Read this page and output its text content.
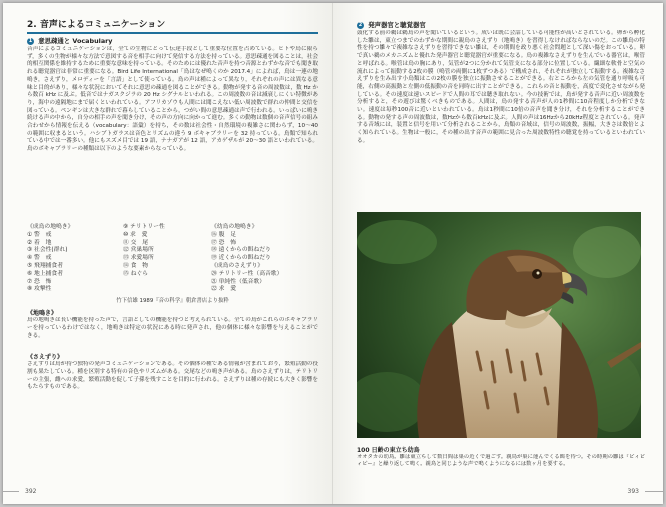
2. 音声によるコミュニケーション
1 意思疎通と Vocabulary

音声によるコミュニケーションは，全ての生物にとって伝達手段として重要な位置を占めている。ヒトや鳥に限らず，多くの生物が様々な方法で意図する音を相手に向けて発信する方法を持っている。意思疎通を図ることは，社会的相互関係を維持するために重要な意味を持っている。そのためには優れた音声を持つ音源とわずかな音でも聞き取れる聴覚器官は非常に重要になる。Bird Life International「鳥はなぜ鳴くのか 2017.4」によれば，鳥は一連の地鳴き，さえずり，メロディーを「言語」として使っている。鳥の声は種によって異なり，それぞれの声には異なる意味と目的があり，様々な状況においてそれに意思の疎通を図ることができる。動物が発する音の周波数は，数 Hz から数百 kHz に及ぶ。低音ではナガスクジラの 20 Hz シグナルといわれる。この周波数の音は減衰しにくい特徴があり，海中の遠隔地にまで届くといわれている。アフリカゾウも人間には聞こえない低い周波数で群れの仲間と交信を図っている。ペンギンは大きな群れで暮らしていることから，つがい間の意思疎通は声で行われる。いっぱいに鳴き続ける声の中から，自分の相手の声を聞き分け，その声の方向に向かって進む。多くの動物は数個の音声信号の組み合わせから情報を伝える（vocabulary：語彙）を持ち，その数は社会性・自然環境の複雑さに関わらず，10〜40 の範囲に収まるという。ハシブトガラスは音色とリズムの違う 9 ボキャブラリーを 32 持っている。鳥類で知られている中では一番多い。他にもスズメ目では 19 語，ナナガアが 12 語，アカゲザルが 20〜30 語といわれている。鳥のボキャブラリーの種類は以下のような要素からなっている。

《成鳥の地鳴き》
① 警　戒
② 着　地
③ 社会性(群れ)
④ 警　戒
⑤ 飛翔捕食者
⑥ 地上捕食者
⑦ 恐　怖
⑧ 攻撃性
⑨ テリトリー性
⑩ 求　愛
⑪ 交　尾
⑫ 営巣場所
⑬ 求愛場所
⑭ 食　物
⑮ ねぐら
《幼鳥の地鳴き》
⑯ 腹　足
⑰ 恐　怖
⑱ 遠くからの餌ねだり
⑲ 近くからの餌ねだり
《成鳥のさえずり》
⑳ テリトリー性（高音歌）
㉑ 単純性（低音歌）
㉒ 求　愛
竹下信雄 1989『音の科学』朝倉書店より抜粋
《地鳴き》

鳥の地鳴きは長い機能を持った声で，言語としての機能を持つと考えられている。全ての鳥がこれらのボキャブラリーを持っているわけではなく，地鳴きは特定の状況にある時に発声され，他の個体に様々な影響を与えることができる。

《さえずり》

さえずりは鳥が持つ独特の発声コミュニケーションである。その個体の種である情報が含まれており，繁殖活動の役割も果たしている。種を区別する特有の音色やリズムがある。交尾などの鳴き声がある。鳥のさえずりは，テリトリーの主張，雌への求愛，繁殖活動を促して子孫を残すことを目的に行われる。さえずりは種の存続にも大きく影響をもたらすものである。

392
2 発声器官と聴覚器官

鼓化する前の鵜は鵜鳥の声を聞いているという。成いは既に会話している可能性が高いとされている。卵から孵化した雛は，東立つまでのわずかな期間に親鳥のさえずり（地鳴き）を習得しなければならないのだ。この雛鳥の特性を持つ雛々で複雑なさえずりを習得できない雛は，その期間を政り悪く社会問題として深い傷をおっている。卵で真い鵜のメカニズムと優れた発声器官と聴覚器官が重要になる。鳥の複雑なさえずりを生んでいる器官は，喉管と呼ばれる。喉管は鳥の胸にあり，気管が2つに分かれて気管支になる部分に位置している。繊細な軟骨と空気の流れによって振動する2枚の膜（鳴管の両側に1枚ずつある）で構成され，それぞれが独立して振動する。複雑なさえずりを生み出す小鳥類はこの2枚の膜を独立に振動させることができる。右ところから左の気管を通り呼吸も可能，右側の高振動と左側の低振動の音を同時に出すことができる。これらの音と振動を，高度で変化させながら発している。その速度は速いスピードで人間の耳では聴き取れない。今の技術では，鳥が発する音声に近い周波数を分析すると，その遊びは驚くべきものである。人間は，鳥の発する音声が人の1秒間に10音程度しか分析できない。速度は毎秒100音に近いといわれている。鳥は1秒間に10倍の音声を聞き分け，それを分析することができる。動物の発する声の周波数は，数Hzから数百kHzに及ぶ。人間の声は16Hzから20kHz程度とされている。発声する音域には，装置と信号を用いて分析されることから，鳥類の音域は，信号の周波数，振幅，大きさは数倍とよく知られている。生物は一般に，その種の出す音声の範囲に見合った周波数特性の聴覚を持っているといわれている。

100 日齢の東立ち幼鳥

オオタカの幼鳥。雛は東立ちして数日間は巣の近くで過ごす。親鳥が巣に運んでくる餌を待つ。その時期の雛は『ピィピィピー』と繰り返して鳴く。親鳥と同じような声で鳴くようになるには数ヶ月を要する。

393
